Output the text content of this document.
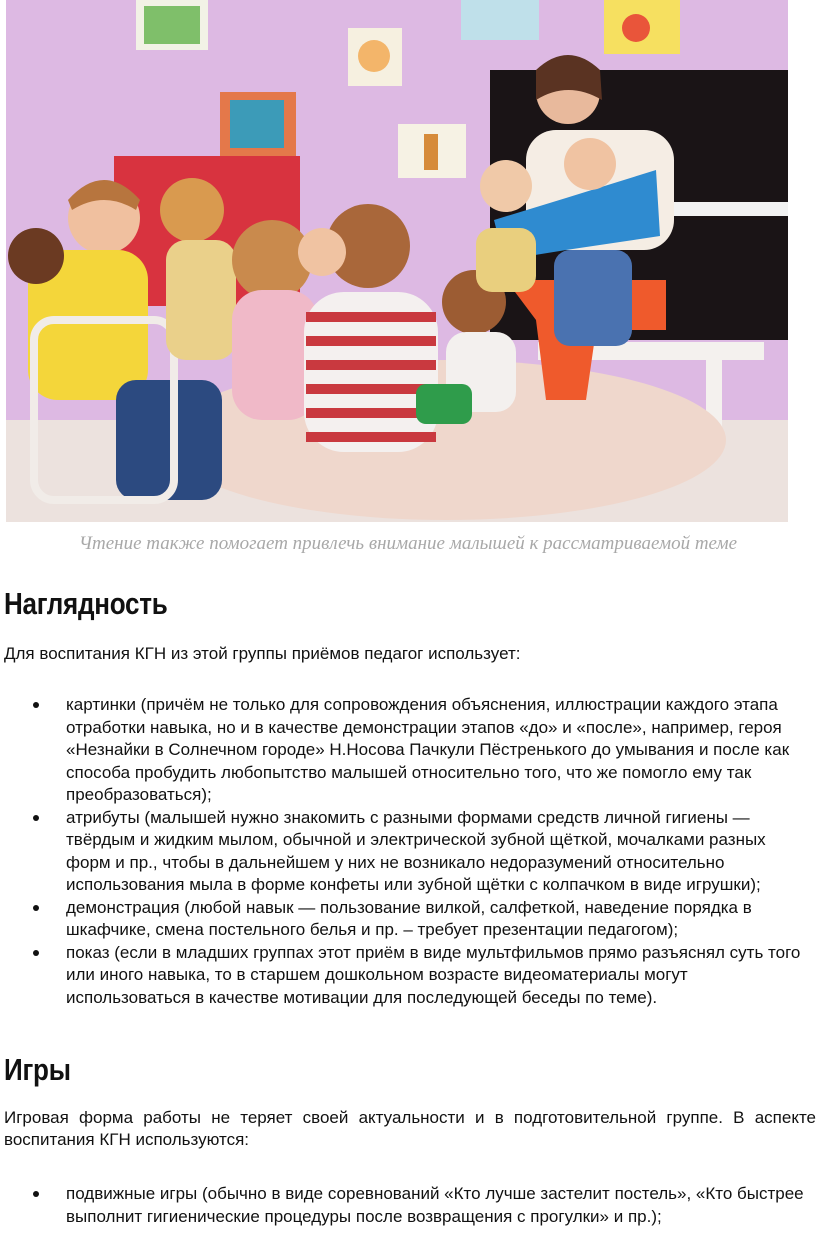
Чтение также помогает привлечь внимание малышей к рассматриваемой теме
Наглядность

Для воспитания КГН из этой группы приёмов педагог использует:

картинки (причём не только для сопровождения объяснения, иллюстрации каждого этапа отработки навыка, но и в качестве демонстрации этапов «до» и «после», например, героя «Незнайки в Солнечном городе» Н.Носова Пачкули Пёстренького до умывания и после как способа пробудить любопытство малышей относительно того, что же помогло ему так преобразоваться);
атрибуты (малышей нужно знакомить с разными формами средств личной гигиены — твёрдым и жидким мылом, обычной и электрической зубной щёткой, мочалками разных форм и пр., чтобы в дальнейшем у них не возникало недоразумений относительно использования мыла в форме конфеты или зубной щётки с колпачком в виде игрушки);
демонстрация (любой навык — пользование вилкой, салфеткой, наведение порядка в шкафчике, смена постельного белья и пр. – требует презентации педагогом);
показ (если в младших группах этот приём в виде мультфильмов прямо разъяснял суть того или иного навыка, то в старшем дошкольном возрасте видеоматериалы могут использоваться в качестве мотивации для последующей беседы по теме).
Игры

Игровая форма работы не теряет своей актуальности и в подготовительной группе. В аспекте воспитания КГН используются:

подвижные игры (обычно в виде соревнований «Кто лучше застелит постель», «Кто быстрее выполнит гигиенические процедуры после возвращения с прогулки» и пр.);
